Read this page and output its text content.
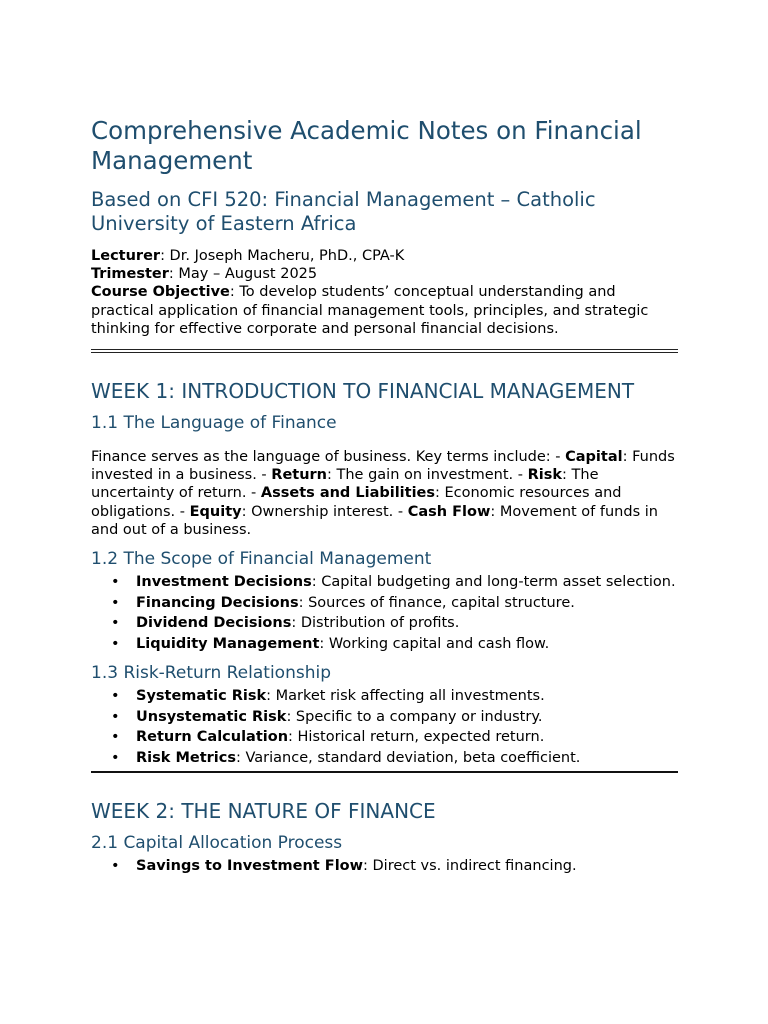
Comprehensive Academic Notes on Financial Management
Based on CFI 520: Financial Management – Catholic University of Eastern Africa
Lecturer: Dr. Joseph Macheru, PhD., CPA-K
Trimester: May – August 2025
Course Objective: To develop students’ conceptual understanding and practical application of financial management tools, principles, and strategic thinking for effective corporate and personal financial decisions.
WEEK 1: INTRODUCTION TO FINANCIAL MANAGEMENT
1.1 The Language of Finance

Finance serves as the language of business. Key terms include: - Capital: Funds invested in a business. - Return: The gain on investment. - Risk: The uncertainty of return. - Assets and Liabilities: Economic resources and obligations. - Equity: Ownership interest. - Cash Flow: Movement of funds in and out of a business.

1.2 The Scope of Financial Management
• Investment Decisions: Capital budgeting and long-term asset selection.
• Financing Decisions: Sources of finance, capital structure.
• Dividend Decisions: Distribution of profits.
• Liquidity Management: Working capital and cash flow.
1.3 Risk-Return Relationship
• Systematic Risk: Market risk affecting all investments.
• Unsystematic Risk: Specific to a company or industry.
• Return Calculation: Historical return, expected return.
• Risk Metrics: Variance, standard deviation, beta coefficient.
WEEK 2: THE NATURE OF FINANCE
2.1 Capital Allocation Process
• Savings to Investment Flow: Direct vs. indirect financing.
